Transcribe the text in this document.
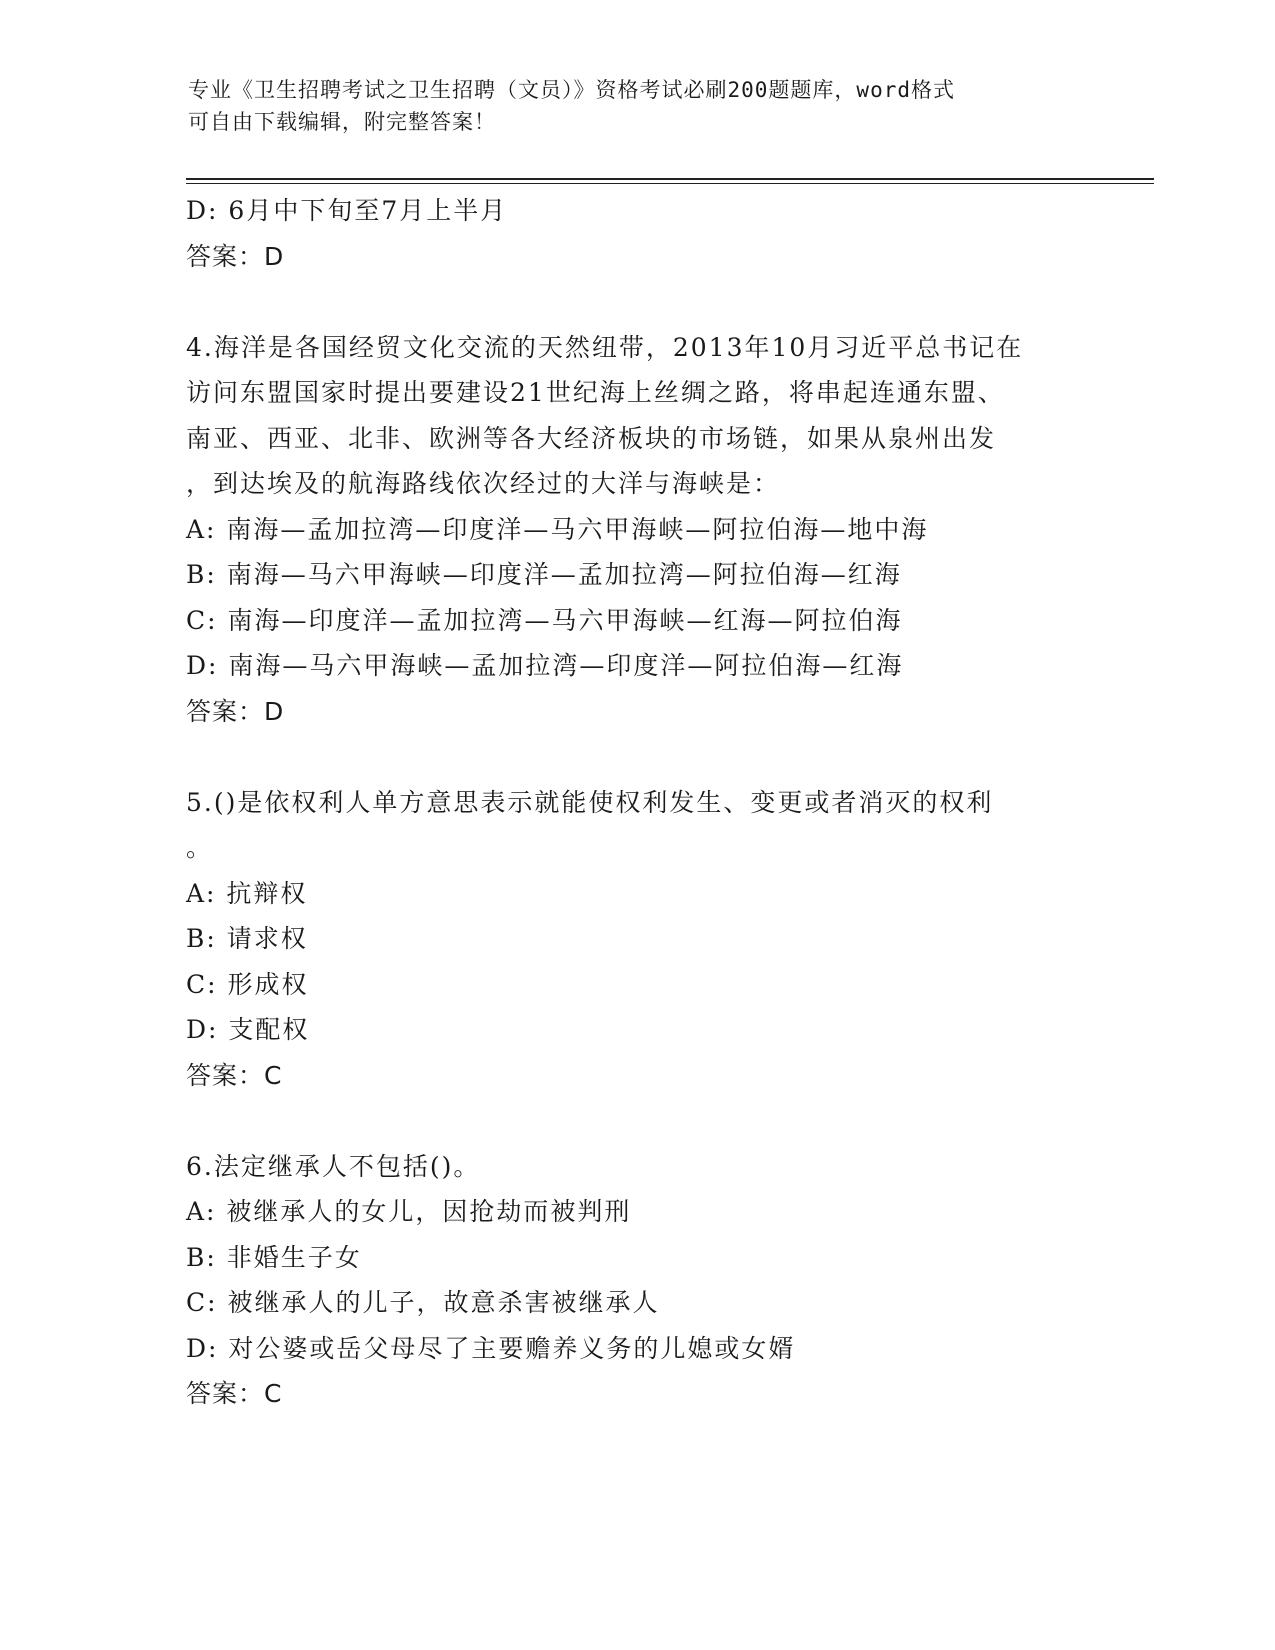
专业《卫生招聘考试之卫生招聘（文员）》资格考试必刷200题题库，word格式
可自由下载编辑，附完整答案！
D: 6月中下旬至7月上半月
答案：D
4.海洋是各国经贸文化交流的天然纽带，2013年10月习近平总书记在
访问东盟国家时提出要建设21世纪海上丝绸之路，将串起连通东盟、
南亚、西亚、北非、欧洲等各大经济板块的市场链，如果从泉州出发
，到达埃及的航海路线依次经过的大洋与海峡是：
A: 南海—孟加拉湾—印度洋—马六甲海峡—阿拉伯海—地中海
B: 南海—马六甲海峡—印度洋—孟加拉湾—阿拉伯海—红海
C: 南海—印度洋—孟加拉湾—马六甲海峡—红海—阿拉伯海
D: 南海—马六甲海峡—孟加拉湾—印度洋—阿拉伯海—红海
答案：D
5.()是依权利人单方意思表示就能使权利发生、变更或者消灭的权利
。
A: 抗辩权
B: 请求权
C: 形成权
D: 支配权
答案：C
6.法定继承人不包括()。
A: 被继承人的女儿，因抢劫而被判刑
B: 非婚生子女
C: 被继承人的儿子，故意杀害被继承人
D: 对公婆或岳父母尽了主要赡养义务的儿媳或女婿
答案：C
